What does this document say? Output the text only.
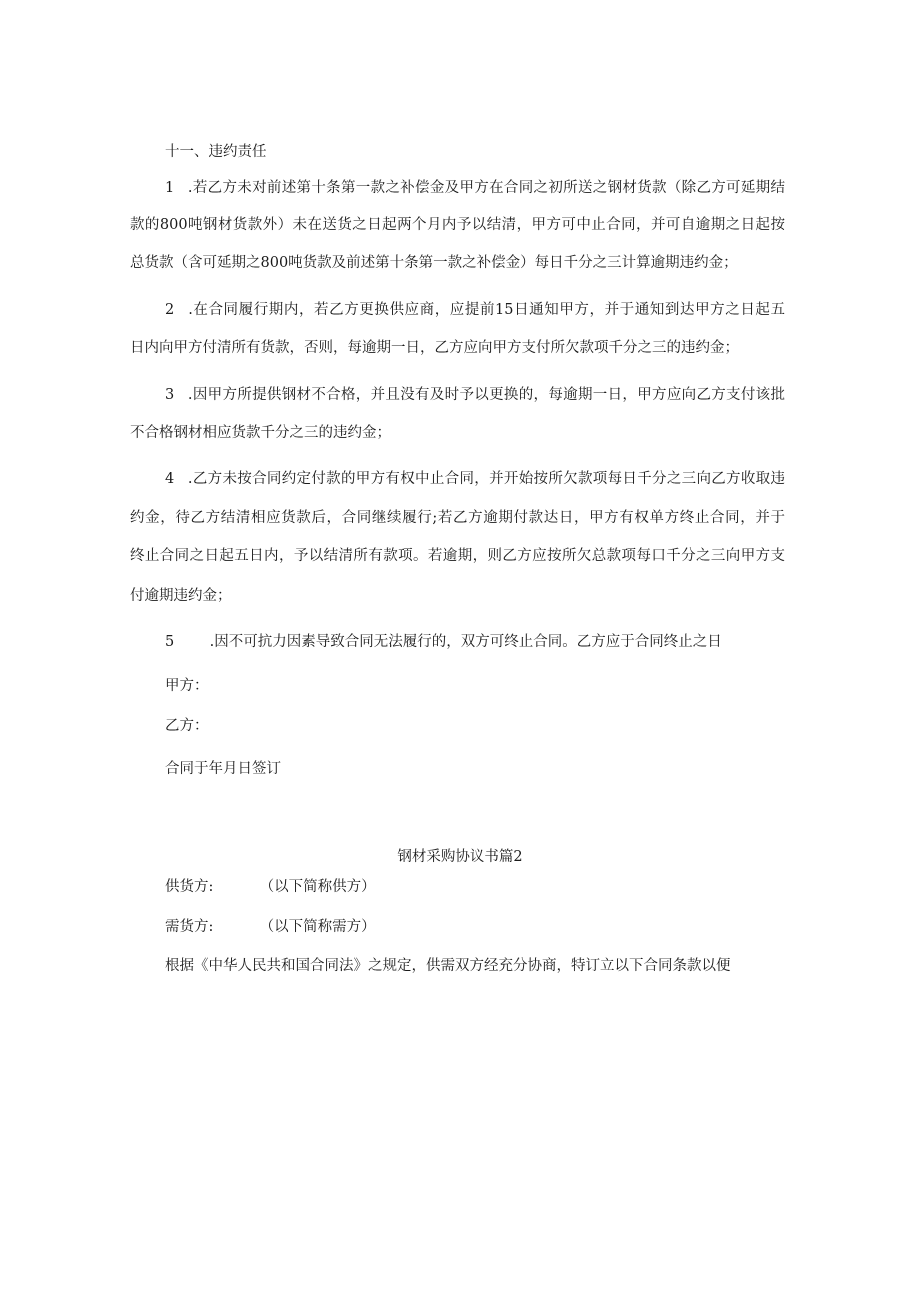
十一、违约责任
1 .若乙方未对前述第十条第一款之补偿金及甲方在合同之初所送之钢材货款（除乙方可延期结
款的800吨钢材货款外）未在送货之日起两个月内予以结清，甲方可中止合同，并可自逾期之日起按
总货款（含可延期之800吨货款及前述第十条第一款之补偿金）每日千分之三计算逾期违约金；
2 .在合同履行期内，若乙方更换供应商，应提前15日通知甲方，并于通知到达甲方之日起五
日内向甲方付清所有货款，否则，每逾期一日，乙方应向甲方支付所欠款项千分之三的违约金；
3 .因甲方所提供钢材不合格，并且没有及时予以更换的，每逾期一日，甲方应向乙方支付该批
不合格钢材相应货款千分之三的违约金；
4 .乙方未按合同约定付款的甲方有权中止合同，并开始按所欠款项每日千分之三向乙方收取违
约金，待乙方结清相应货款后，合同继续履行;若乙方逾期付款达日，甲方有权单方终止合同，并于
终止合同之日起五日内，予以结清所有款项。若逾期，则乙方应按所欠总款项每口千分之三向甲方支
付逾期违约金；
5 .因不可抗力因素导致合同无法履行的，双方可终止合同。乙方应于合同终止之日
甲方：
乙方：
合同于年月日签订
钢材采购协议书篇2
供货方:	（以下简称供方）
需货方:	（以下简称需方）
根据《中华人民共和国合同法》之规定，供需双方经充分协商，特订立以下合同条款以便
